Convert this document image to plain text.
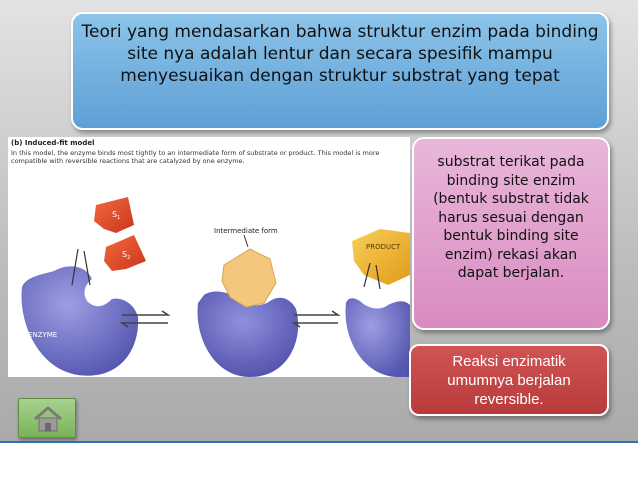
Teori yang mendasarkan bahwa struktur enzim pada binding site nya adalah lentur dan secara spesifik mampu menyesuaikan dengan struktur substrat yang tepat
$S_1$
$S_2$
Intermediate form
PRODUCT
ENZYME
(b) Induced-fit model
In this model, the enzyme binds most tightly to an intermediate form of substrate or product. This model is more compatible with reversible reactions that are catalyzed by one enzyme.	substrat terikat pada binding site enzim (bentuk substrat tidak harus sesuai dengan bentuk binding site enzim) rekasi akan dapat berjalan.
Reaksi enzimatik umumnya berjalan reversible.
